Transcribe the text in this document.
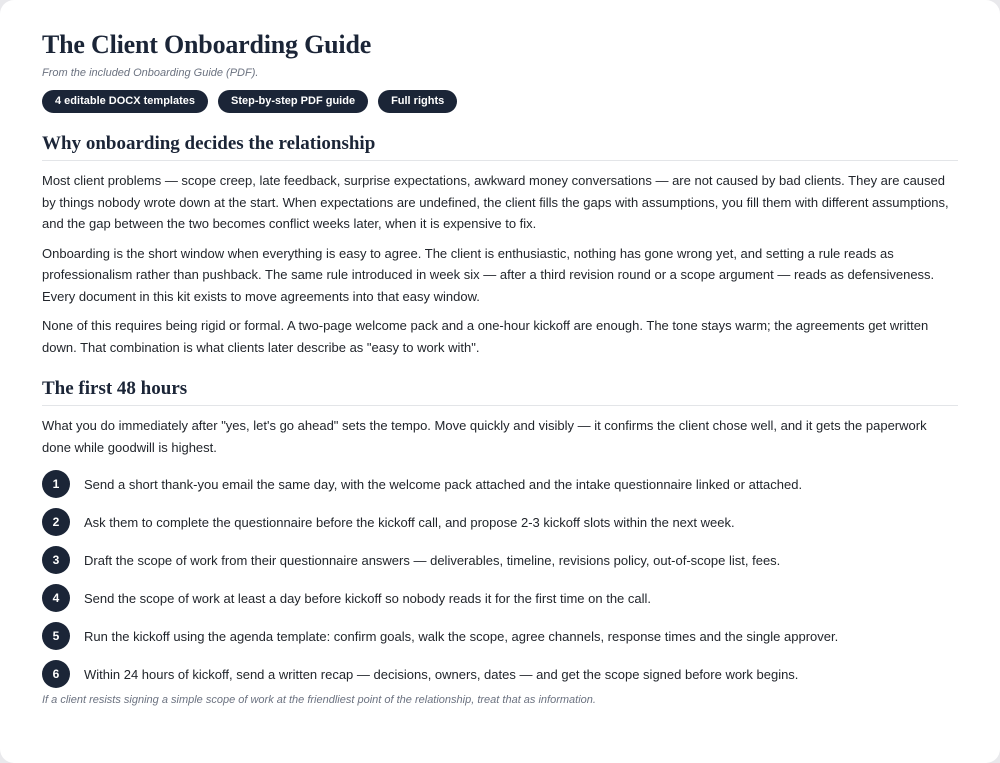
The Client Onboarding Guide
From the included Onboarding Guide (PDF).
4 editable DOCX templates	Step-by-step PDF guide	Full rights
Why onboarding decides the relationship

Most client problems — scope creep, late feedback, surprise expectations, awkward money conversations — are not caused by bad clients. They are caused by things nobody wrote down at the start. When expectations are undefined, the client fills the gaps with assumptions, you fill them with different assumptions, and the gap between the two becomes conflict weeks later, when it is expensive to fix.

Onboarding is the short window when everything is easy to agree. The client is enthusiastic, nothing has gone wrong yet, and setting a rule reads as professionalism rather than pushback. The same rule introduced in week six — after a third revision round or a scope argument — reads as defensiveness. Every document in this kit exists to move agreements into that easy window.

None of this requires being rigid or formal. A two-page welcome pack and a one-hour kickoff are enough. The tone stays warm; the agreements get written down. That combination is what clients later describe as "easy to work with".

The first 48 hours

What you do immediately after "yes, let's go ahead" sets the tempo. Move quickly and visibly — it confirms the client chose well, and it gets the paperwork done while goodwill is highest.

1	Send a short thank-you email the same day, with the welcome pack attached and the intake questionnaire linked or attached.
2	Ask them to complete the questionnaire before the kickoff call, and propose 2-3 kickoff slots within the next week.
3	Draft the scope of work from their questionnaire answers — deliverables, timeline, revisions policy, out-of-scope list, fees.
4	Send the scope of work at least a day before kickoff so nobody reads it for the first time on the call.
5	Run the kickoff using the agenda template: confirm goals, walk the scope, agree channels, response times and the single approver.
6	Within 24 hours of kickoff, send a written recap — decisions, owners, dates — and get the scope signed before work begins.
If a client resists signing a simple scope of work at the friendliest point of the relationship, treat that as information.
